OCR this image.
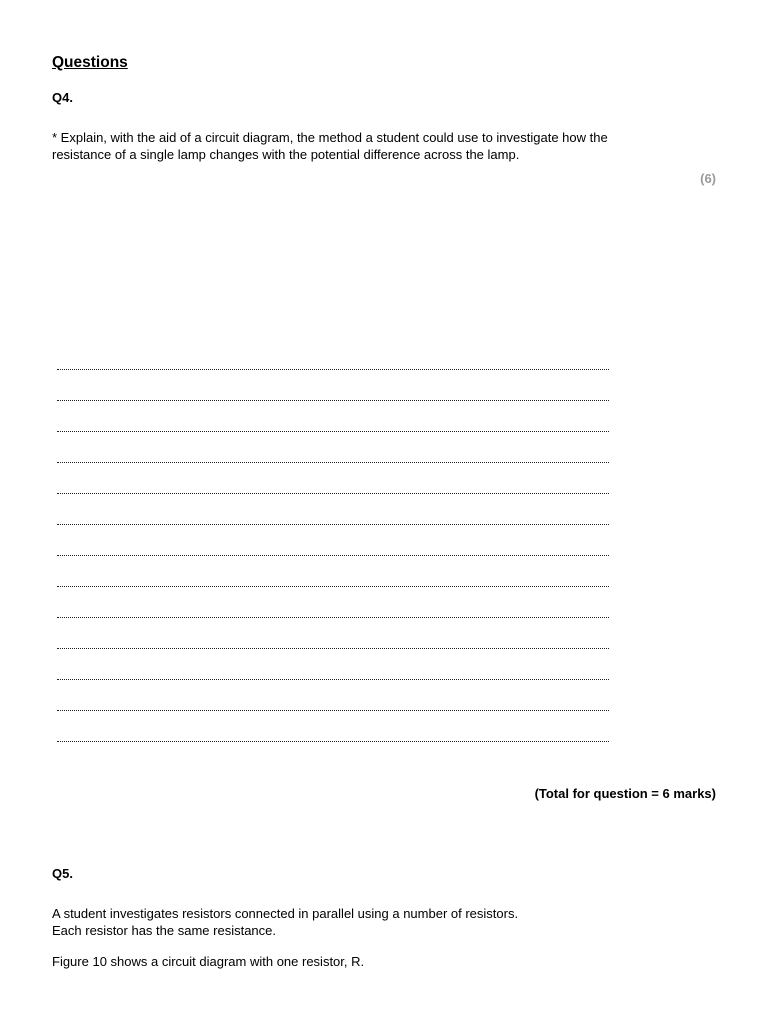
Questions
Q4.
* Explain, with the aid of a circuit diagram, the method a student could use to investigate how the
resistance of a single lamp changes with the potential difference across the lamp.
(6)
(Total for question = 6 marks)
Q5.
A student investigates resistors connected in parallel using a number of resistors.
Each resistor has the same resistance.
Figure 10 shows a circuit diagram with one resistor, R.
